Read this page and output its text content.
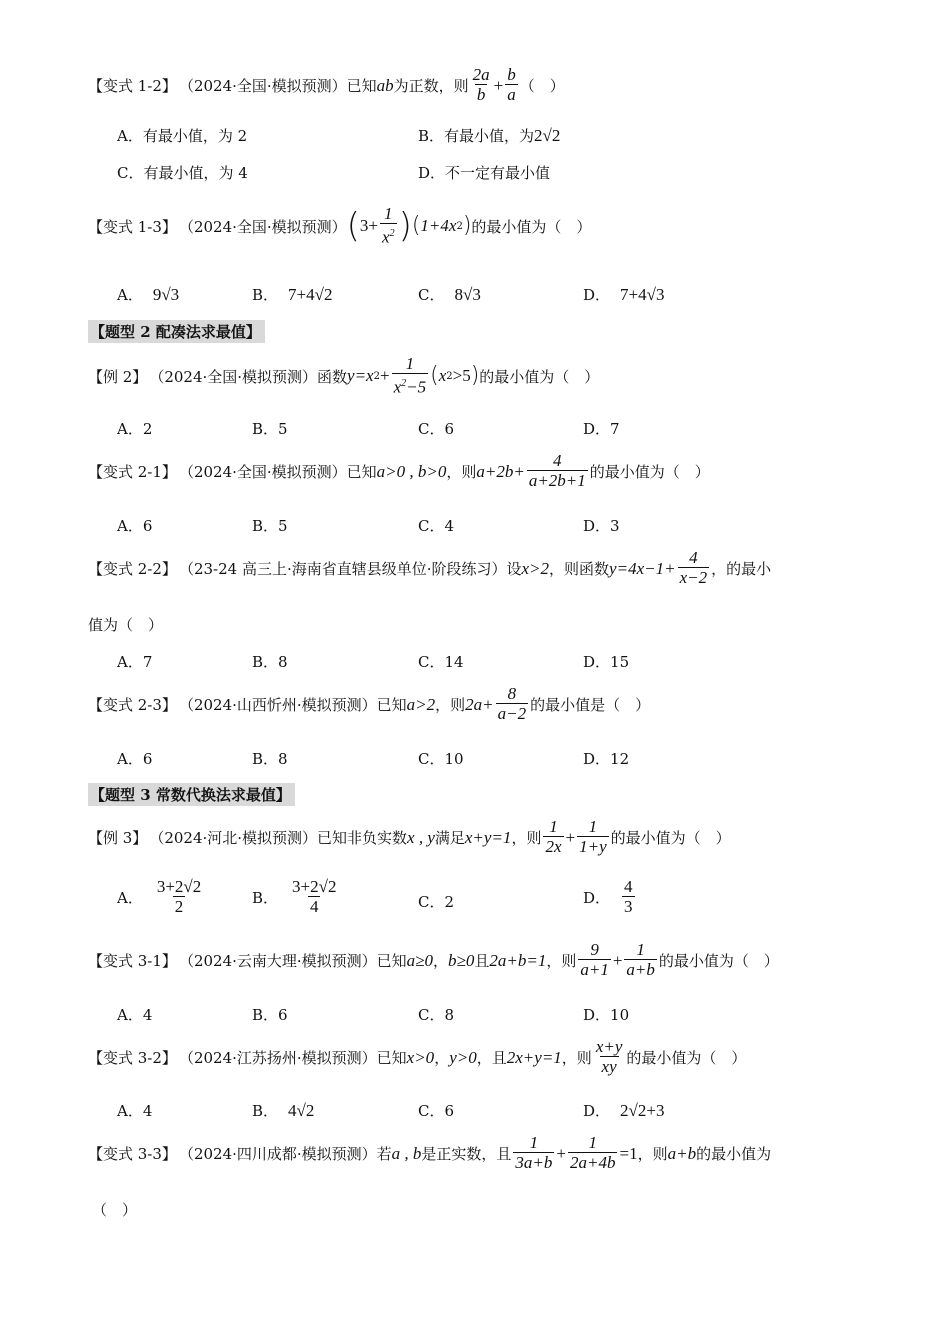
【变式 1-2】 （2024·全国·模拟预测）已知 ab 为正数，则 $\frac{2a}{b} + \frac{b}{a}$ （　）
A．有最小值，为 2	B．有最小值，为 2√2
C．有最小值，为 4	D．不一定有最小值
【变式 1-3】 （2024·全国·模拟预测） ( $3+ \frac{1}{x^2}$ ) ( 1+4x 2 ) 的最小值为（　）
A． 9√3	B． 7+4√2	C． 8√3	D． 7+4√3
【题型 2 配凑法求最值】
【例 2】 （2024·全国·模拟预测）函数 y=x $2 + \frac{1}{x^2-5}$ ( x 2 >5 ) 的最小值为（　）
A．2	B．5	C．6	D．7
【变式 2-1】 （2024·全国·模拟预测）已知 a>0 , b>0 ，则 $a+2b+ \frac{4}{a+2b+1}$ 的最小值为（　）
A．6	B．5	C．4	D．3
【变式 2-2】 （23-24 高三上·海南省直辖县级单位·阶段练习）设 x>2 ，则函数 $y=4x-1+ \frac{4}{x-2}$ ，的最小
值为（　）
A．7	B．8	C．14	D．15
【变式 2-3】 （2024·山西忻州·模拟预测）已知 a>2 ，则 $2a+ \frac{8}{a-2}$ 的最小值是（　）
A．6	B．8	C．10	D．12
【题型 3 常数代换法求最值】
【例 3】 （2024·河北·模拟预测）已知非负实数 x , y 满足 x+y=1 ，则 $\frac{1}{2x} + \frac{1}{1+y}$ 的最小值为（　）
A． $\frac{3+2√2}{2}$	B． $\frac{3+2√2}{4}$	C．2	D． $\frac{4}{3}$
【变式 3-1】 （2024·云南大理·模拟预测）已知 a≥0 ， b≥0 且 2a+b=1 ，则 $\frac{9}{a+1} + \frac{1}{a+b}$ 的最小值为（　）
A．4	B．6	C．8	D．10
【变式 3-2】 （2024·江苏扬州·模拟预测）已知 x>0 ， y>0 ，且 2x+y=1 ，则 $\frac{x+y}{xy}$ 的最小值为（　）
A．4	B． 4√2	C．6	D． 2√2+3
【变式 3-3】 （2024·四川成都·模拟预测）若 a , b 是正实数，且 $\frac{1}{3a+b} + \frac{1}{2a+4b} =1$ ，则 a+b 的最小值为
（　）
